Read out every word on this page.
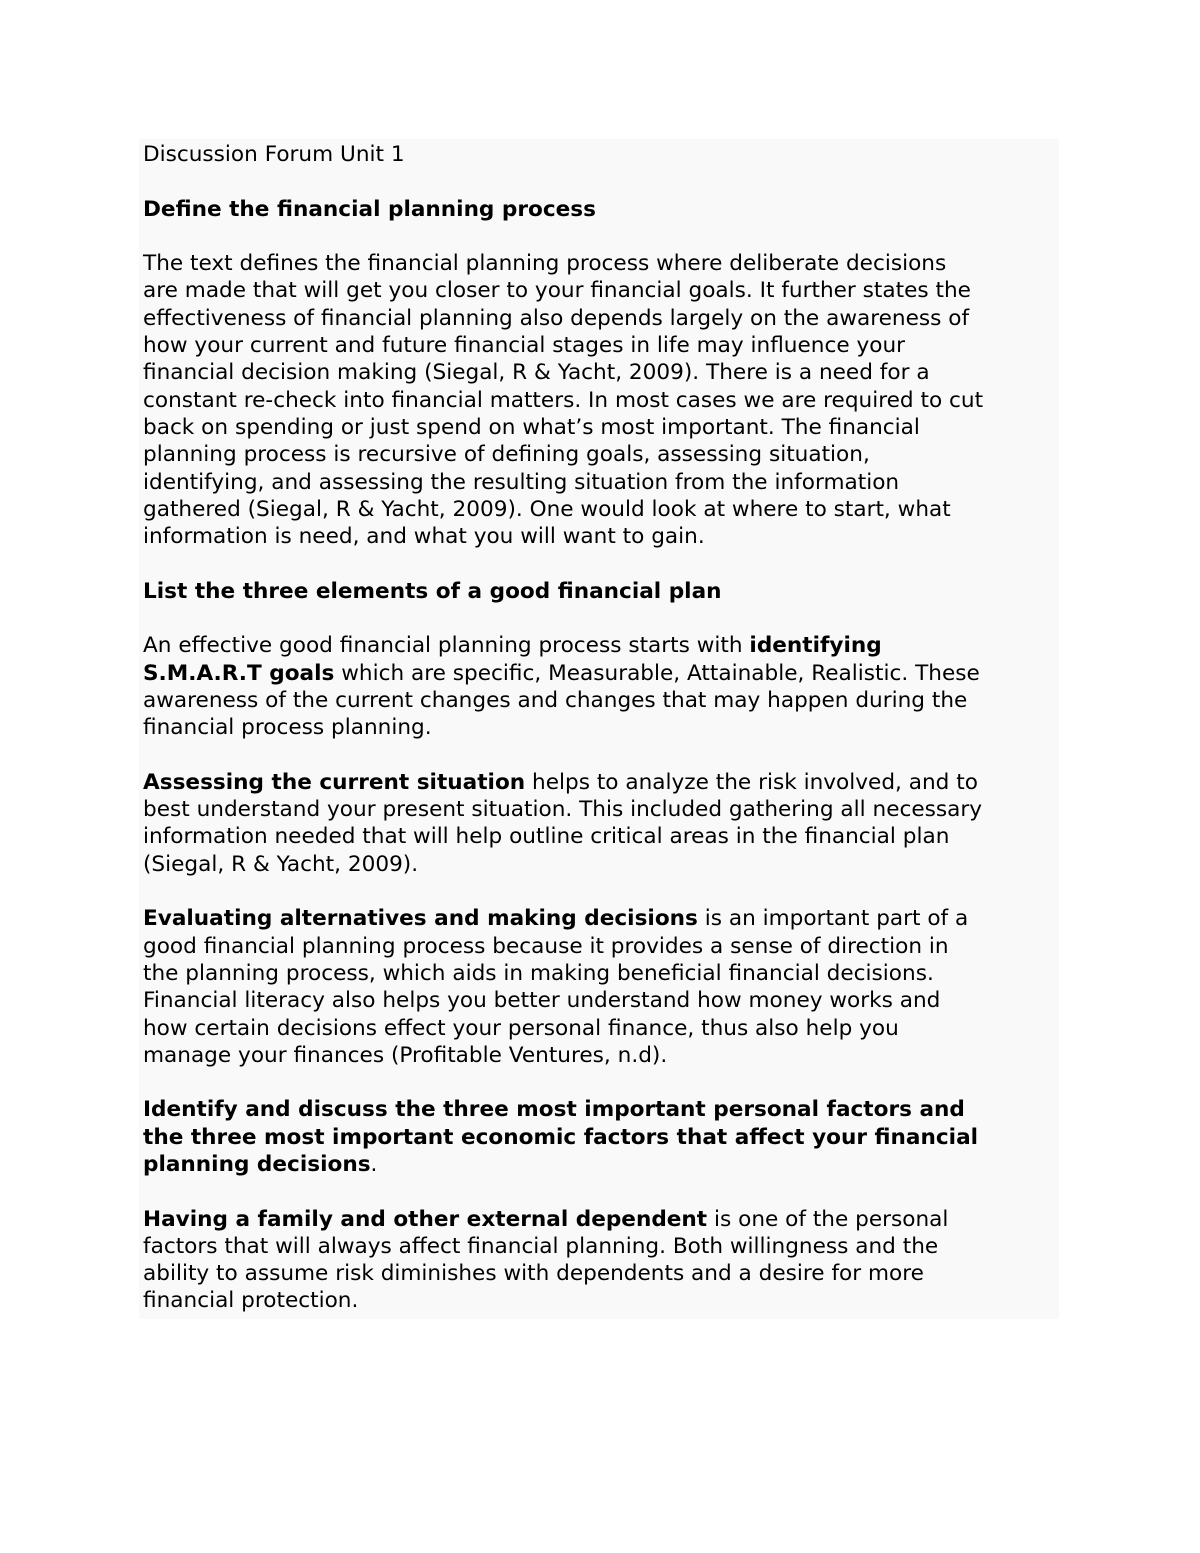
Discussion Forum Unit 1

Define the financial planning process

The text defines the financial planning process where deliberate decisions
are made that will get you closer to your financial goals. It further states the
effectiveness of financial planning also depends largely on the awareness of
how your current and future financial stages in life may influence your
financial decision making (Siegal, R & Yacht, 2009). There is a need for a
constant re-check into financial matters. In most cases we are required to cut
back on spending or just spend on what’s most important. The financial
planning process is recursive of defining goals, assessing situation,
identifying, and assessing the resulting situation from the information
gathered (Siegal, R & Yacht, 2009). One would look at where to start, what
information is need, and what you will want to gain.

List the three elements of a good financial plan

An effective good financial planning process starts with identifying
S.M.A.R.T goals which are specific, Measurable, Attainable, Realistic. These
awareness of the current changes and changes that may happen during the
financial process planning.

Assessing the current situation helps to analyze the risk involved, and to
best understand your present situation. This included gathering all necessary
information needed that will help outline critical areas in the financial plan
(Siegal, R & Yacht, 2009).

Evaluating alternatives and making decisions is an important part of a
good financial planning process because it provides a sense of direction in
the planning process, which aids in making beneficial financial decisions.
Financial literacy also helps you better understand how money works and
how certain decisions effect your personal finance, thus also help you
manage your finances (Profitable Ventures, n.d).

Identify and discuss the three most important personal factors and
the three most important economic factors that affect your financial
planning decisions.

Having a family and other external dependent is one of the personal
factors that will always affect financial planning. Both willingness and the
ability to assume risk diminishes with dependents and a desire for more
financial protection.
